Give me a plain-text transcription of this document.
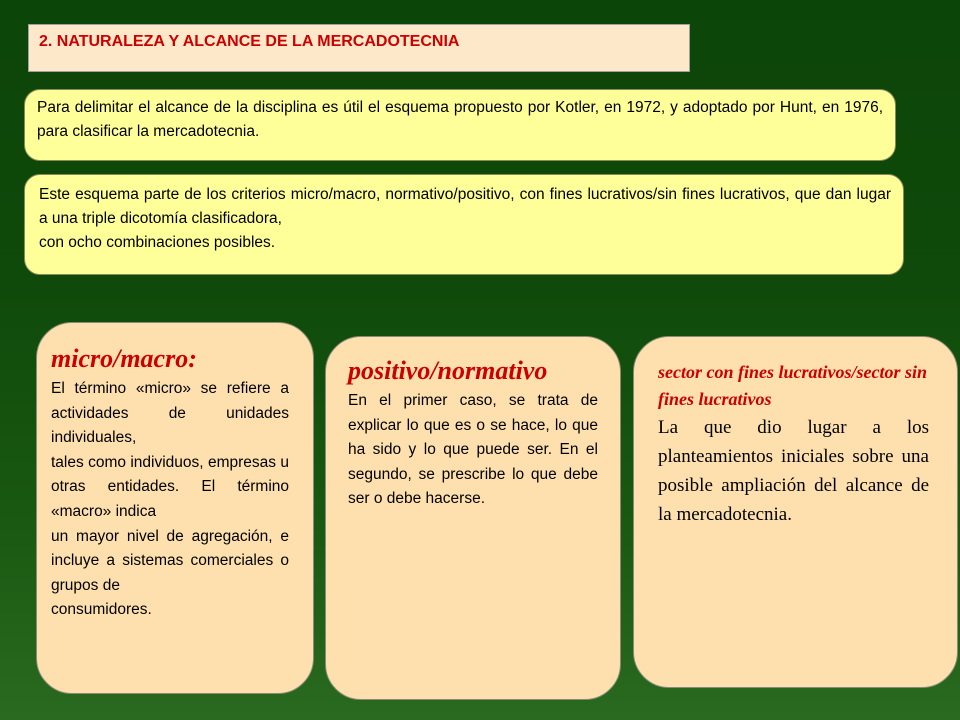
2. NATURALEZA Y ALCANCE DE LA MERCADOTECNIA
Para delimitar el alcance de la disciplina es útil el esquema propuesto por Kotler, en 1972, y adoptado por Hunt, en 1976, para clasificar la mercadotecnia.

Este esquema parte de los criterios micro/macro, normativo/positivo, con fines lucrativos/sin fines lucrativos, que dan lugar a una triple dicotomía clasificadora,

con ocho combinaciones posibles.

micro/macro:

El término «micro» se refiere a actividades de unidades individuales,

tales como individuos, empresas u otras entidades. El término «macro» indica

un mayor nivel de agregación, e incluye a sistemas comerciales o grupos de

consumidores.

positivo/normativo

En el primer caso, se trata de explicar lo que es o se hace, lo que ha sido y lo que puede ser. En el segundo, se prescribe lo que debe ser o debe hacerse.

sector con fines lucrativos/sector sin fines lucrativos

La que dio lugar a los planteamientos iniciales sobre una posible ampliación del alcance de la mercadotecnia.
